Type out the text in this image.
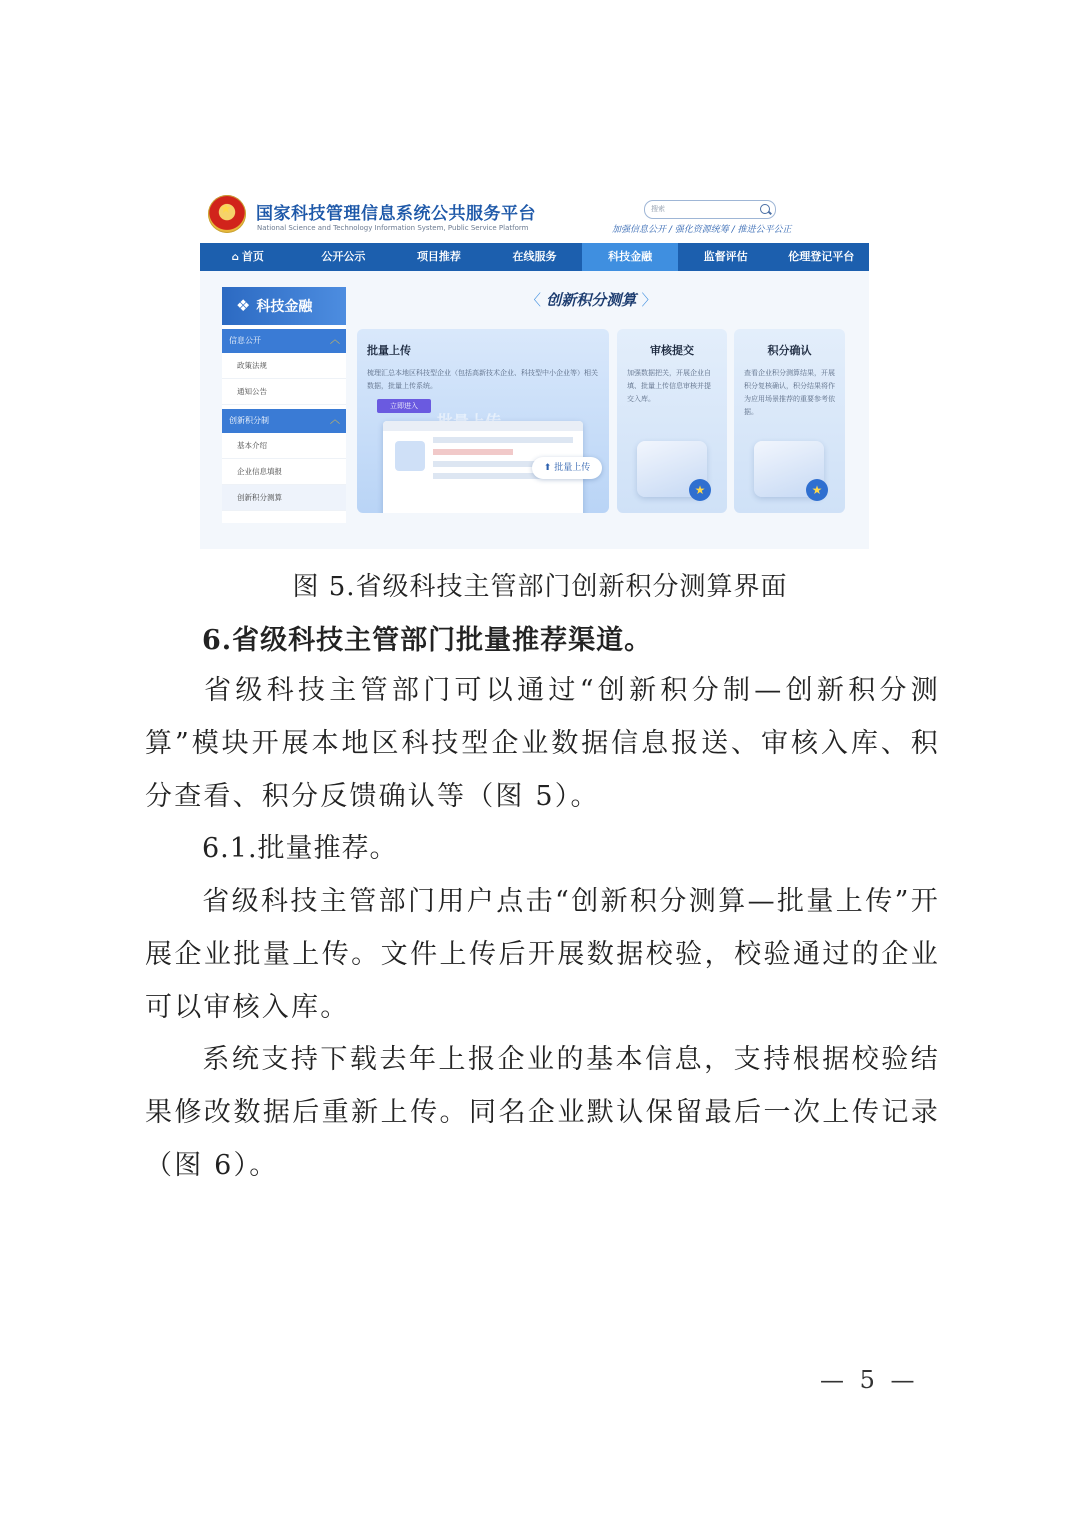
★
国家科技管理信息系统公共服务平台
National Science and Technology Information System, Public Service Platform
搜索
加强信息公开 / 强化资源统筹 / 推进公平公正
⌂ 首页	公开公示	项目推荐	在线服务	科技金融	监督评估	伦理登记平台
❖ 科技金融
信息公开	︿
政策法规
通知公告
创新积分制	︿
基本介绍
企业信息填报
创新积分测算
〈 创新积分测算 〉
批量上传
梳理汇总本地区科技型企业（包括高新技术企业、科技型中小企业等）相关数据，批量上传系统。
立即进入
⬆ 批量上传
审核提交
加强数据把关，开展企业自填、批量上传信息审核并提交入库。
★
积分确认
查看企业积分测算结果，开展积分复核确认，积分结果将作为应用场景推荐的重要参考依据。
★
图 5.省级科技主管部门创新积分测算界面
6.省级科技主管部门批量推荐渠道。
省级科技主管部门可以通过“创新积分制—创新积分测算”模块开展本地区科技型企业数据信息报送、审核入库、积分查看、积分反馈确认等（图 5）。
6.1.批量推荐。
省级科技主管部门用户点击“创新积分测算—批量上传”开展企业批量上传。文件上传后开展数据校验，校验通过的企业可以审核入库。
系统支持下载去年上报企业的基本信息，支持根据校验结果修改数据后重新上传。同名企业默认保留最后一次上传记录（图 6）。
— 5 —
